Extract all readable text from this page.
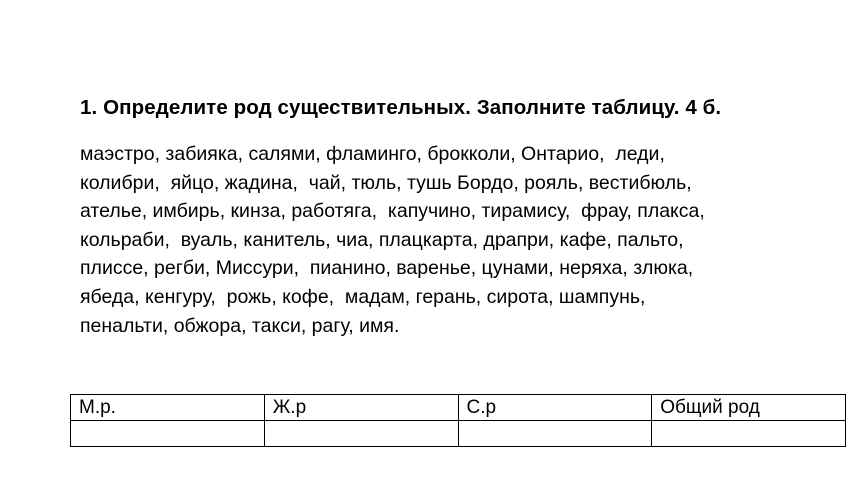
1. Определите род существительных. Заполните таблицу. 4 б.
маэстро, забияка, салями, фламинго, брокколи, Онтарио,  леди,
колибри,  яйцо, жадина,  чай, тюль, тушь Бордо, рояль, вестибюль,
ателье, имбирь, кинза, работяга,  капучино, тирамису,  фрау, плакса,
кольраби,  вуаль, канитель, чиа, плацкарта, драпри, кафе, пальто,
плиссе, регби, Миссури,  пианино, варенье, цунами, неряха, злюка,
ябеда, кенгуру,  рожь, кофе,  мадам, герань, сирота, шампунь,
пенальти, обжора, такси, рагу, имя.
М.р.	Ж.р	С.р	Общий род
